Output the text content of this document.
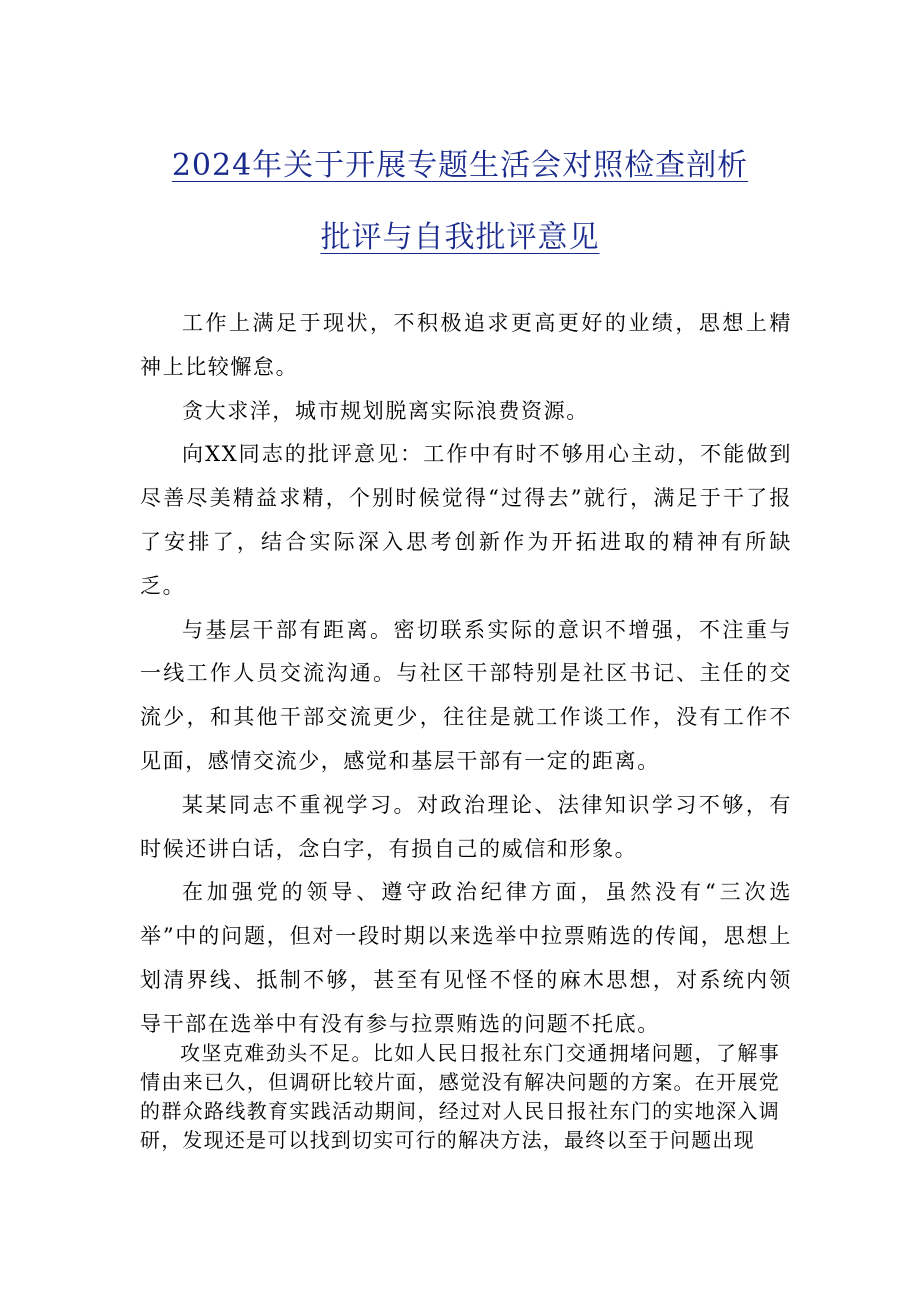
2024年关于开展专题生活会对照检查剖析
批评与自我批评意见

工作上满足于现状，不积极追求更高更好的业绩，思想上精神上比较懈怠。

贪大求洋，城市规划脱离实际浪费资源。

向XX同志的批评意见：工作中有时不够用心主动，不能做到尽善尽美精益求精，个别时候觉得“过得去”就行，满足于干了报了安排了，结合实际深入思考创新作为开拓进取的精神有所缺乏。

与基层干部有距离。密切联系实际的意识不增强，不注重与一线工作人员交流沟通。与社区干部特别是社区书记、主任的交流少，和其他干部交流更少，往往是就工作谈工作，没有工作不见面，感情交流少，感觉和基层干部有一定的距离。

某某同志不重视学习。对政治理论、法律知识学习不够，有时候还讲白话，念白字，有损自己的威信和形象。

在加强党的领导、遵守政治纪律方面，虽然没有“三次选举”中的问题，但对一段时期以来选举中拉票贿选的传闻，思想上划清界线、抵制不够，甚至有见怪不怪的麻木思想，对系统内领导干部在选举中有没有参与拉票贿选的问题不托底。

攻坚克难劲头不足。比如人民日报社东门交通拥堵问题，了解事情由来已久，但调研比较片面，感觉没有解决问题的方案。在开展党的群众路线教育实践活动期间，经过对人民日报社东门的实地深入调研，发现还是可以找到切实可行的解决方法，最终以至于问题出现
